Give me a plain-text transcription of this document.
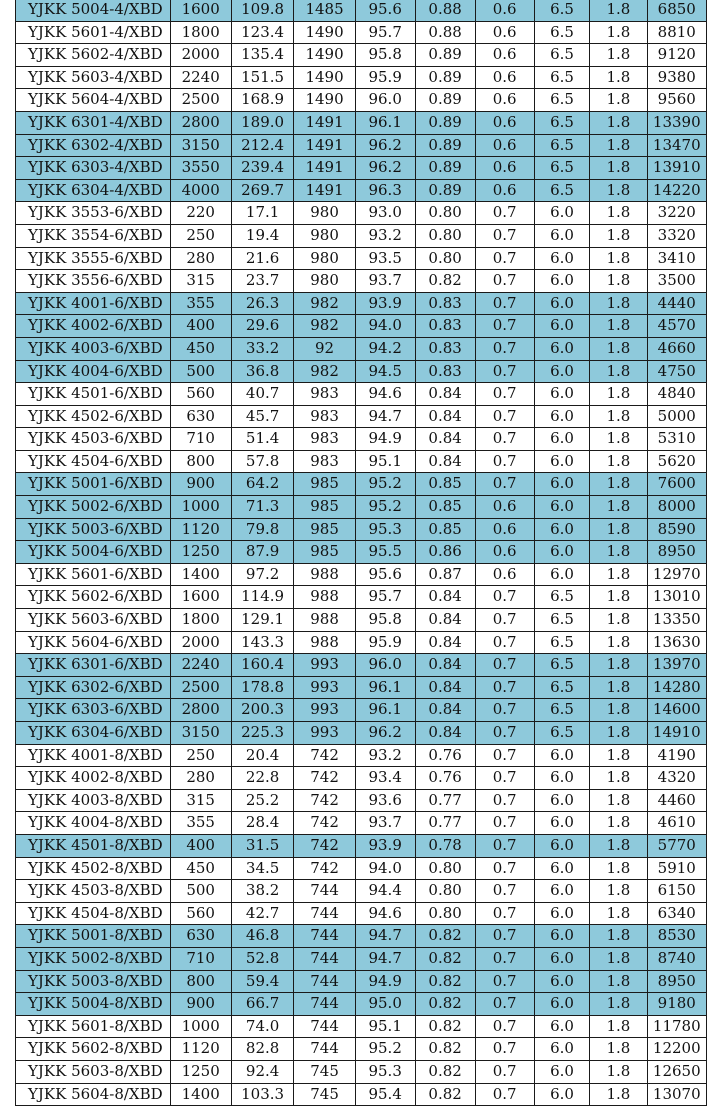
YJKK 5004-4/XBD	1600	109.8	1485	95.6	0.88	0.6	6.5	1.8	6850
YJKK 5601-4/XBD	1800	123.4	1490	95.7	0.88	0.6	6.5	1.8	8810
YJKK 5602-4/XBD	2000	135.4	1490	95.8	0.89	0.6	6.5	1.8	9120
YJKK 5603-4/XBD	2240	151.5	1490	95.9	0.89	0.6	6.5	1.8	9380
YJKK 5604-4/XBD	2500	168.9	1490	96.0	0.89	0.6	6.5	1.8	9560
YJKK 6301-4/XBD	2800	189.0	1491	96.1	0.89	0.6	6.5	1.8	13390
YJKK 6302-4/XBD	3150	212.4	1491	96.2	0.89	0.6	6.5	1.8	13470
YJKK 6303-4/XBD	3550	239.4	1491	96.2	0.89	0.6	6.5	1.8	13910
YJKK 6304-4/XBD	4000	269.7	1491	96.3	0.89	0.6	6.5	1.8	14220
YJKK 3553-6/XBD	220	17.1	980	93.0	0.80	0.7	6.0	1.8	3220
YJKK 3554-6/XBD	250	19.4	980	93.2	0.80	0.7	6.0	1.8	3320
YJKK 3555-6/XBD	280	21.6	980	93.5	0.80	0.7	6.0	1.8	3410
YJKK 3556-6/XBD	315	23.7	980	93.7	0.82	0.7	6.0	1.8	3500
YJKK 4001-6/XBD	355	26.3	982	93.9	0.83	0.7	6.0	1.8	4440
YJKK 4002-6/XBD	400	29.6	982	94.0	0.83	0.7	6.0	1.8	4570
YJKK 4003-6/XBD	450	33.2	92	94.2	0.83	0.7	6.0	1.8	4660
YJKK 4004-6/XBD	500	36.8	982	94.5	0.83	0.7	6.0	1.8	4750
YJKK 4501-6/XBD	560	40.7	983	94.6	0.84	0.7	6.0	1.8	4840
YJKK 4502-6/XBD	630	45.7	983	94.7	0.84	0.7	6.0	1.8	5000
YJKK 4503-6/XBD	710	51.4	983	94.9	0.84	0.7	6.0	1.8	5310
YJKK 4504-6/XBD	800	57.8	983	95.1	0.84	0.7	6.0	1.8	5620
YJKK 5001-6/XBD	900	64.2	985	95.2	0.85	0.7	6.0	1.8	7600
YJKK 5002-6/XBD	1000	71.3	985	95.2	0.85	0.6	6.0	1.8	8000
YJKK 5003-6/XBD	1120	79.8	985	95.3	0.85	0.6	6.0	1.8	8590
YJKK 5004-6/XBD	1250	87.9	985	95.5	0.86	0.6	6.0	1.8	8950
YJKK 5601-6/XBD	1400	97.2	988	95.6	0.87	0.6	6.0	1.8	12970
YJKK 5602-6/XBD	1600	114.9	988	95.7	0.84	0.7	6.5	1.8	13010
YJKK 5603-6/XBD	1800	129.1	988	95.8	0.84	0.7	6.5	1.8	13350
YJKK 5604-6/XBD	2000	143.3	988	95.9	0.84	0.7	6.5	1.8	13630
YJKK 6301-6/XBD	2240	160.4	993	96.0	0.84	0.7	6.5	1.8	13970
YJKK 6302-6/XBD	2500	178.8	993	96.1	0.84	0.7	6.5	1.8	14280
YJKK 6303-6/XBD	2800	200.3	993	96.1	0.84	0.7	6.5	1.8	14600
YJKK 6304-6/XBD	3150	225.3	993	96.2	0.84	0.7	6.5	1.8	14910
YJKK 4001-8/XBD	250	20.4	742	93.2	0.76	0.7	6.0	1.8	4190
YJKK 4002-8/XBD	280	22.8	742	93.4	0.76	0.7	6.0	1.8	4320
YJKK 4003-8/XBD	315	25.2	742	93.6	0.77	0.7	6.0	1.8	4460
YJKK 4004-8/XBD	355	28.4	742	93.7	0.77	0.7	6.0	1.8	4610
YJKK 4501-8/XBD	400	31.5	742	93.9	0.78	0.7	6.0	1.8	5770
YJKK 4502-8/XBD	450	34.5	742	94.0	0.80	0.7	6.0	1.8	5910
YJKK 4503-8/XBD	500	38.2	744	94.4	0.80	0.7	6.0	1.8	6150
YJKK 4504-8/XBD	560	42.7	744	94.6	0.80	0.7	6.0	1.8	6340
YJKK 5001-8/XBD	630	46.8	744	94.7	0.82	0.7	6.0	1.8	8530
YJKK 5002-8/XBD	710	52.8	744	94.7	0.82	0.7	6.0	1.8	8740
YJKK 5003-8/XBD	800	59.4	744	94.9	0.82	0.7	6.0	1.8	8950
YJKK 5004-8/XBD	900	66.7	744	95.0	0.82	0.7	6.0	1.8	9180
YJKK 5601-8/XBD	1000	74.0	744	95.1	0.82	0.7	6.0	1.8	11780
YJKK 5602-8/XBD	1120	82.8	744	95.2	0.82	0.7	6.0	1.8	12200
YJKK 5603-8/XBD	1250	92.4	745	95.3	0.82	0.7	6.0	1.8	12650
YJKK 5604-8/XBD	1400	103.3	745	95.4	0.82	0.7	6.0	1.8	13070
